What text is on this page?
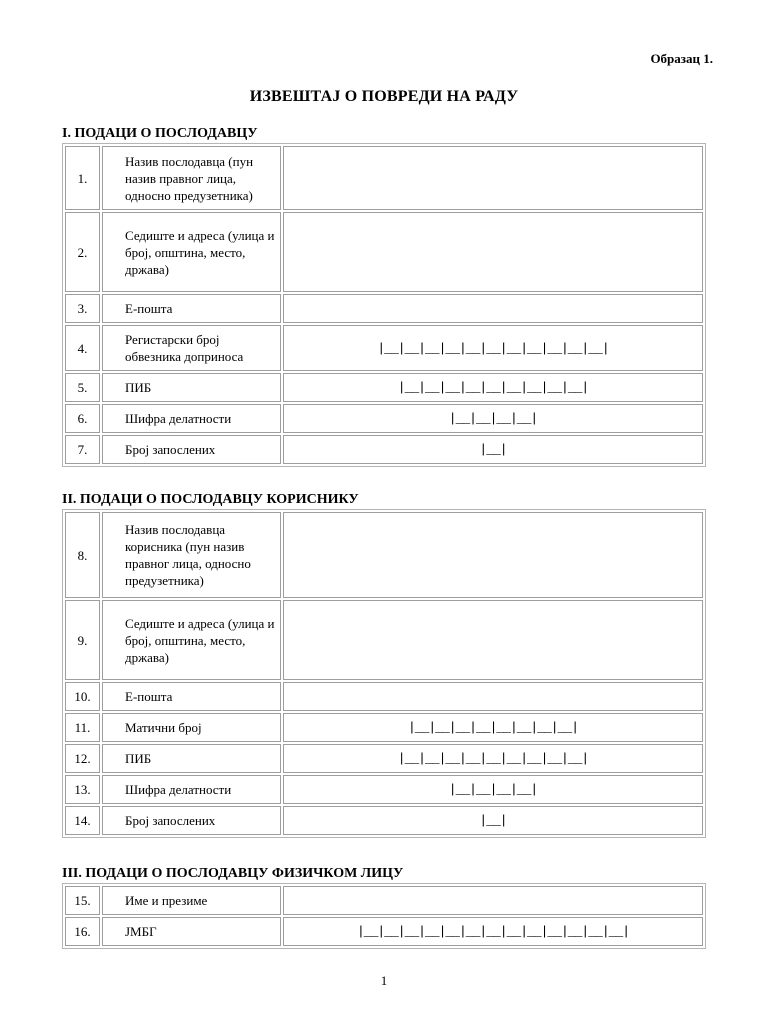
Образац 1.
ИЗВЕШТАЈ О ПОВРЕДИ НА РАДУ
I. ПОДАЦИ О ПОСЛОДАВЦУ
1.	Назив послодавца (пун назив правног лица, односно предузетника)	
2.	Седиште и адреса (улица и број, општина, место, држава)	
3.	Е-пошта	
4.	Регистарски број обвезника доприноса	|__|__|__|__|__|__|__|__|__|__|__|
5.	ПИБ	|__|__|__|__|__|__|__|__|__|
6.	Шифра делатности	|__|__|__|__|
7.	Број запослених	|__|
II. ПОДАЦИ О ПОСЛОДАВЦУ КОРИСНИКУ
8.	Назив послодавца корисника (пун назив правног лица, односно предузетника)	
9.	Седиште и адреса (улица и број, општина, место, држава)	
10.	Е-пошта	
11.	Матични број	|__|__|__|__|__|__|__|__|
12.	ПИБ	|__|__|__|__|__|__|__|__|__|
13.	Шифра делатности	|__|__|__|__|
14.	Број запослених	|__|
III. ПОДАЦИ О ПОСЛОДАВЦУ ФИЗИЧКОМ ЛИЦУ
15.	Име и презиме	
16.	ЈМБГ	|__|__|__|__|__|__|__|__|__|__|__|__|__|
1
